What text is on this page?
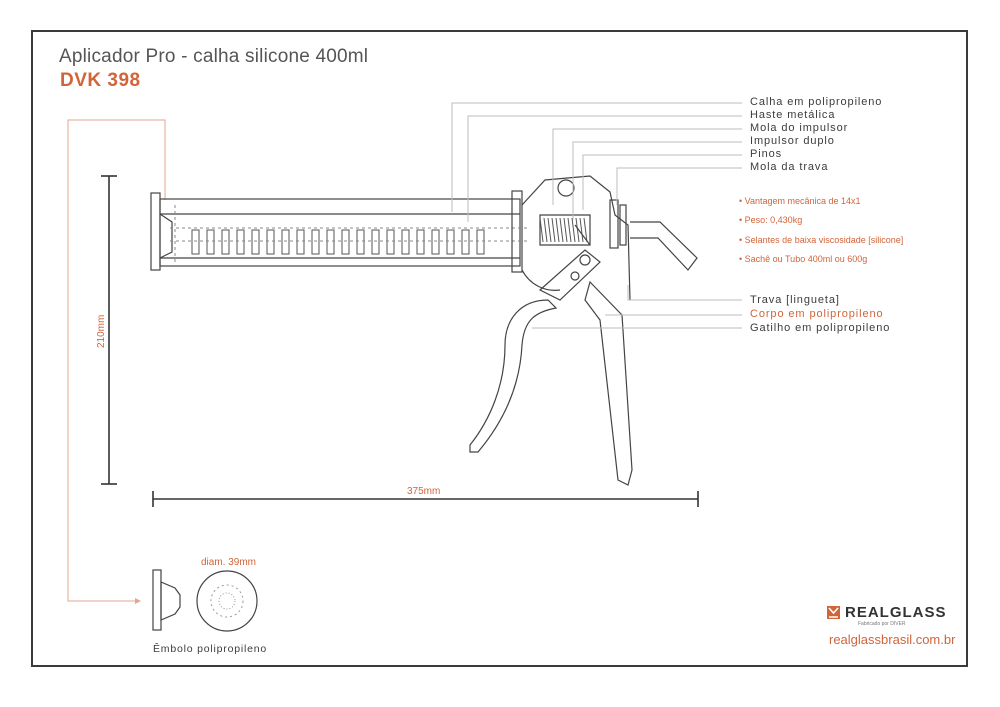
Aplicador Pro - calha silicone 400ml
DVK 398
Calha em polipropileno
Haste metálica
Mola do impulsor
Impulsor duplo
Pinos
Mola da trava
• Vantagem mecânica de 14x1
• Peso: 0,430kg
• Selantes de baixa viscosidade [silicone]
• Sachê ou Tubo 400ml ou 600g
Trava [lingueta]
Corpo em polipropileno
Gatilho em polipropileno
210mm
375mm
diam. 39mm
Êmbolo polipropileno
REALGLASS
Fabricado por DIVER
realglassbrasil.com.br
